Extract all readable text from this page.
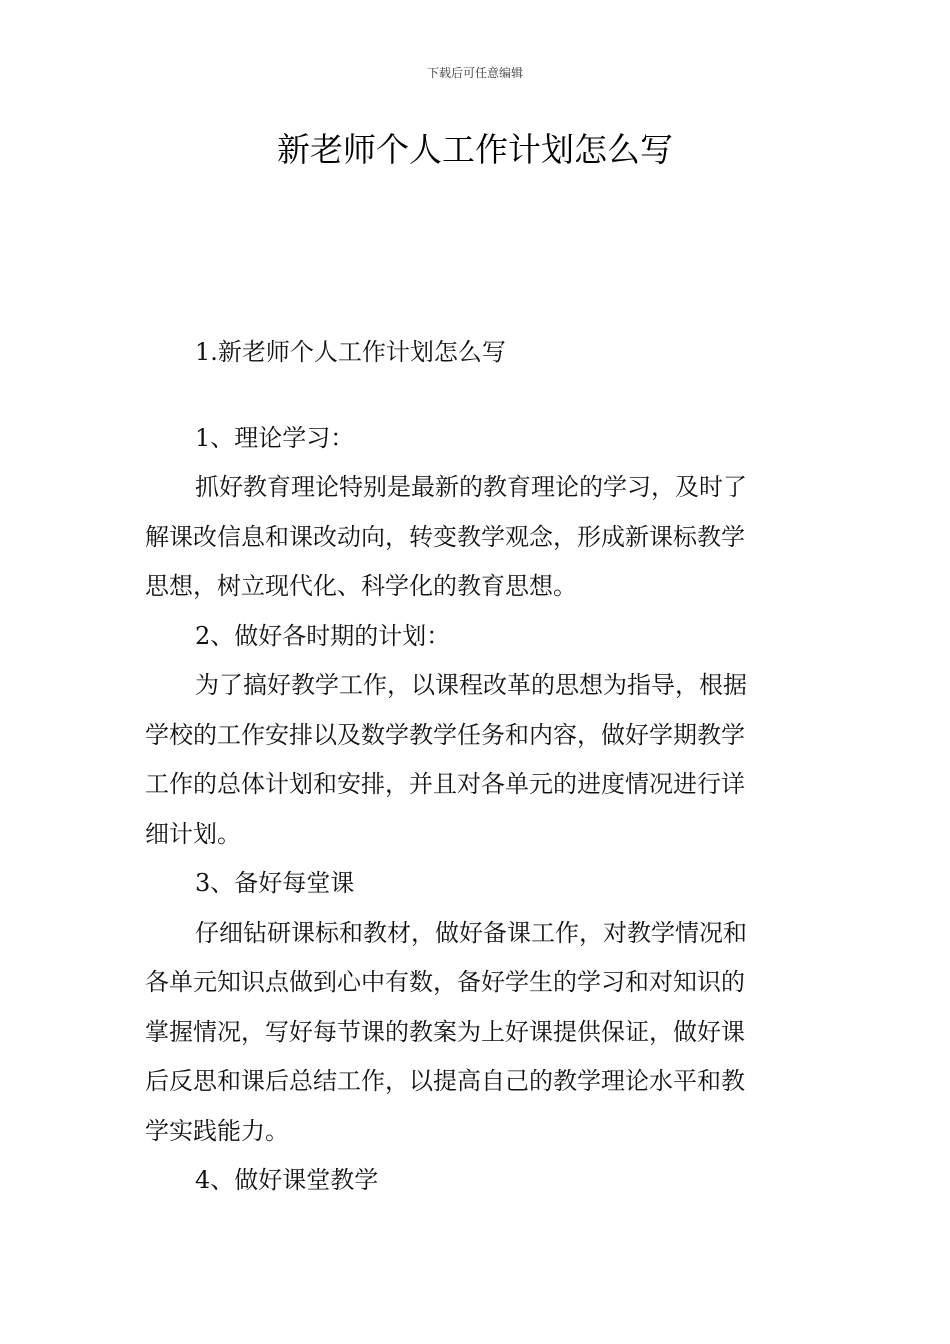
下载后可任意编辑
新老师个人工作计划怎么写
1.新老师个人工作计划怎么写
1、理论学习：
抓好教育理论特别是最新的教育理论的学习，及时了
解课改信息和课改动向，转变教学观念，形成新课标教学
思想，树立现代化、科学化的教育思想。
2、做好各时期的计划：
为了搞好教学工作，以课程改革的思想为指导，根据
学校的工作安排以及数学教学任务和内容，做好学期教学
工作的总体计划和安排，并且对各单元的进度情况进行详
细计划。
3、备好每堂课
仔细钻研课标和教材，做好备课工作，对教学情况和
各单元知识点做到心中有数，备好学生的学习和对知识的
掌握情况，写好每节课的教案为上好课提供保证，做好课
后反思和课后总结工作，以提高自己的教学理论水平和教
学实践能力。
4、做好课堂教学
